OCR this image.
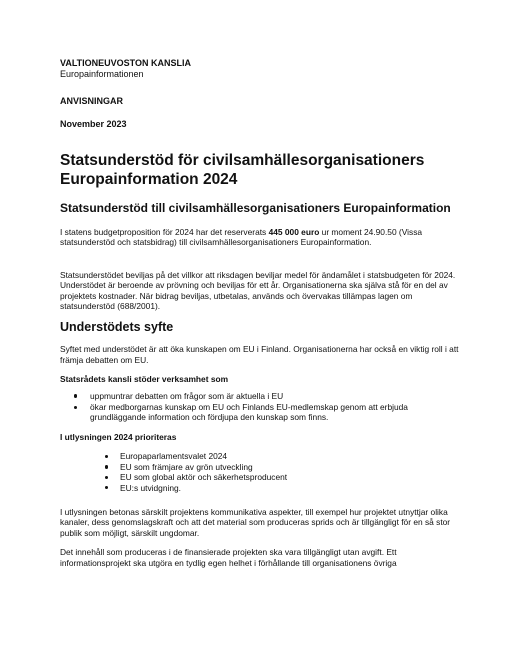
VALTIONEUVOSTON KANSLIA
Europainformationen
ANVISNINGAR
November 2023
Statsunderstöd för civilsamhällesorganisationers Europainformation 2024
Statsunderstöd till civilsamhällesorganisationers Europainformation

I statens budgetproposition för 2024 har det reserverats 445 000 euro ur moment 24.90.50 (Vissa statsunderstöd och statsbidrag) till civilsamhällesorganisationers Europainformation.

Statsunderstödet beviljas på det villkor att riksdagen beviljar medel för ändamålet i statsbudgeten för 2024. Understödet är beroende av prövning och beviljas för ett år. Organisationerna ska själva stå för en del av projektets kostnader. När bidrag beviljas, utbetalas, används och övervakas tillämpas lagen om statsunderstöd (688/2001).

Understödets syfte

Syftet med understödet är att öka kunskapen om EU i Finland. Organisationerna har också en viktig roll i att främja debatten om EU.

Statsrådets kansli stöder verksamhet som
uppmuntrar debatten om frågor som är aktuella i EU
ökar medborgarnas kunskap om EU och Finlands EU-medlemskap genom att erbjuda grundläggande information och fördjupa den kunskap som finns.
I utlysningen 2024 prioriteras
Europaparlamentsvalet 2024
EU som främjare av grön utveckling
EU som global aktör och säkerhetsproducent
EU:s utvidgning.

I utlysningen betonas särskilt projektens kommunikativa aspekter, till exempel hur projektet utnyttjar olika kanaler, dess genomslagskraft och att det material som produceras sprids och är tillgängligt för en så stor publik som möjligt, särskilt ungdomar.

Det innehåll som produceras i de finansierade projekten ska vara tillgängligt utan avgift. Ett informationsprojekt ska utgöra en tydlig egen helhet i förhållande till organisationens övriga
